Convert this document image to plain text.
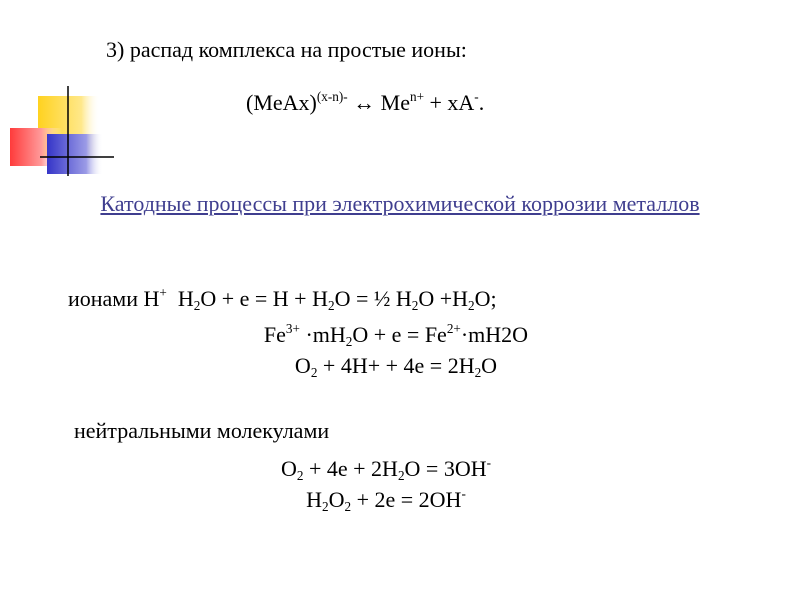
3) распад комплекса на простые ионы:
(MeAx)$^{(x-n)-}$ ↔ $Me^{n+} + xA^-$.
Катодные процессы при электрохимической коррозии металлов
ионами H+  $H_2O + e = H + H_2O$ = ½ $H_2O +H_2O$;
$Fe^{3+} \cdot mH_2O + e = Fe^{2+}\cdot mH2O$
$O_2 + 4H+ + 4e = 2H_2O$
нейтральными молекулами
$O_2 + 4e + 2H_2O = 3OH^-$
$H_2O_2 + 2e = 2OH^-$
